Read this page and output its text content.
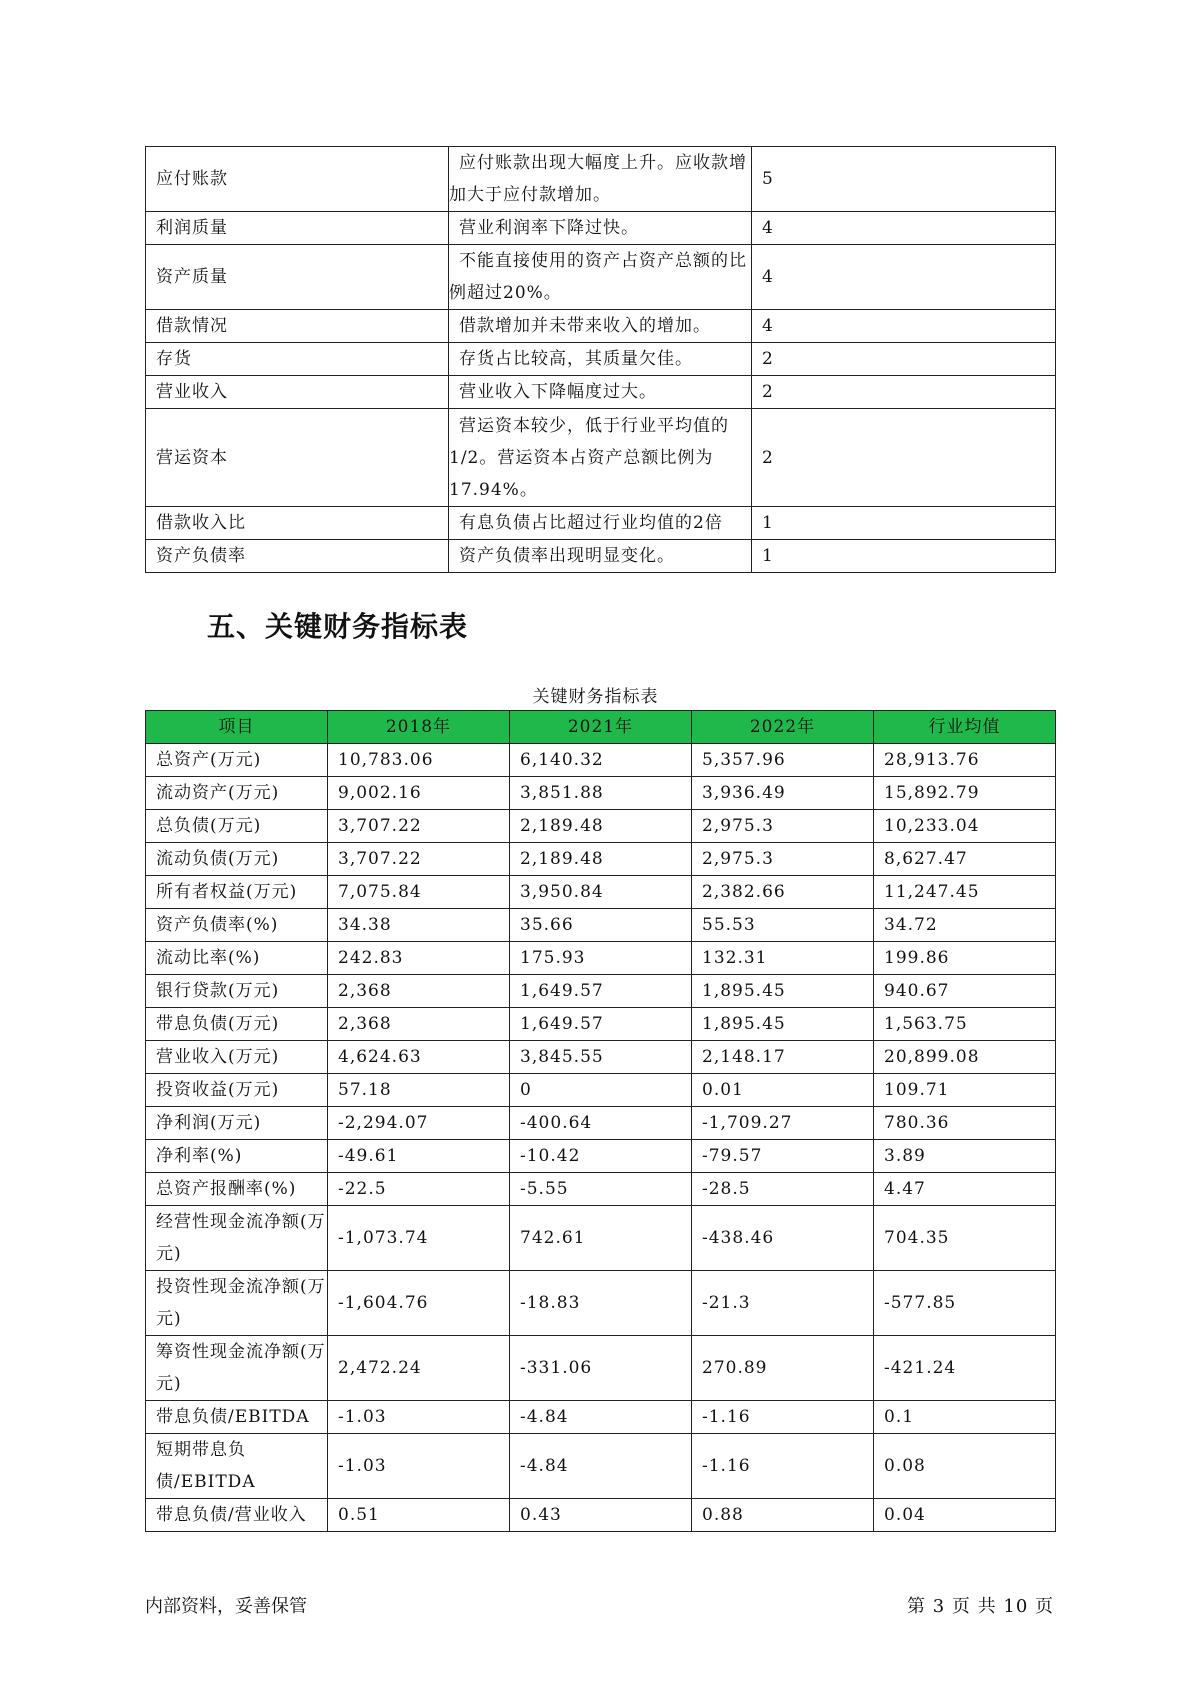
应付账款	应付账款出现大幅度上升。应收款增加大于应付款增加。	5
利润质量	营业利润率下降过快。	4
资产质量	不能直接使用的资产占资产总额的比例超过20%。	4
借款情况	借款增加并未带来收入的增加。	4
存货	存货占比较高，其质量欠佳。	2
营业收入	营业收入下降幅度过大。	2
营运资本	营运资本较少，低于行业平均值的1/2。营运资本占资产总额比例为17.94%。	2
借款收入比	有息负债占比超过行业均值的2倍	1
资产负债率	资产负债率出现明显变化。	1
五、关键财务指标表
关键财务指标表
项目	2018年	2021年	2022年	行业均值
总资产(万元)	10,783.06	6,140.32	5,357.96	28,913.76
流动资产(万元)	9,002.16	3,851.88	3,936.49	15,892.79
总负债(万元)	3,707.22	2,189.48	2,975.3	10,233.04
流动负债(万元)	3,707.22	2,189.48	2,975.3	8,627.47
所有者权益(万元)	7,075.84	3,950.84	2,382.66	11,247.45
资产负债率(%)	34.38	35.66	55.53	34.72
流动比率(%)	242.83	175.93	132.31	199.86
银行贷款(万元)	2,368	1,649.57	1,895.45	940.67
带息负债(万元)	2,368	1,649.57	1,895.45	1,563.75
营业收入(万元)	4,624.63	3,845.55	2,148.17	20,899.08
投资收益(万元)	57.18	0	0.01	109.71
净利润(万元)	-2,294.07	-400.64	-1,709.27	780.36
净利率(%)	-49.61	-10.42	-79.57	3.89
总资产报酬率(%)	-22.5	-5.55	-28.5	4.47
经营性现金流净额(万元)	-1,073.74	742.61	-438.46	704.35
投资性现金流净额(万元)	-1,604.76	-18.83	-21.3	-577.85
筹资性现金流净额(万元)	2,472.24	-331.06	270.89	-421.24
带息负债/EBITDA	-1.03	-4.84	-1.16	0.1
短期带息负债/EBITDA	-1.03	-4.84	-1.16	0.08
带息负债/营业收入	0.51	0.43	0.88	0.04
内部资料，妥善保管	第 3 页 共 10 页
